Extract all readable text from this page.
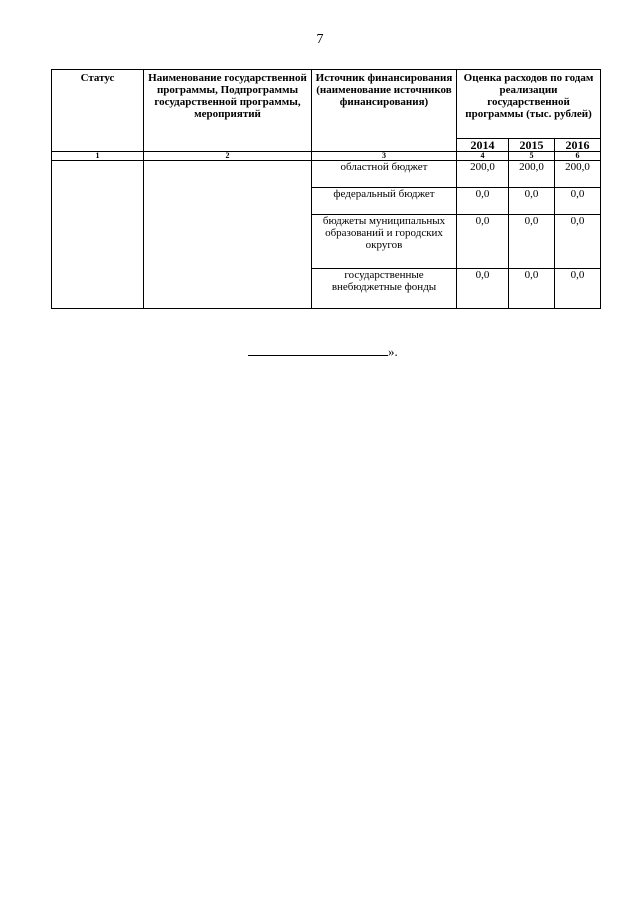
7
Статус	Наименование государственной программы, Подпрограммы государственной программы, мероприятий	Источник финансирования (наименование источников финансирования)	Оценка расходов по годам реализации государственной программы (тыс. рублей)		
			2014	2015	2016
1	2	3	4	5	6
		областной бюджет	200,0	200,0	200,0
		федеральный бюджет	0,0	0,0	0,0
		бюджеты муниципальных образований и городских округов	0,0	0,0	0,0
		государственные внебюджетные фонды	0,0	0,0	0,0
».
